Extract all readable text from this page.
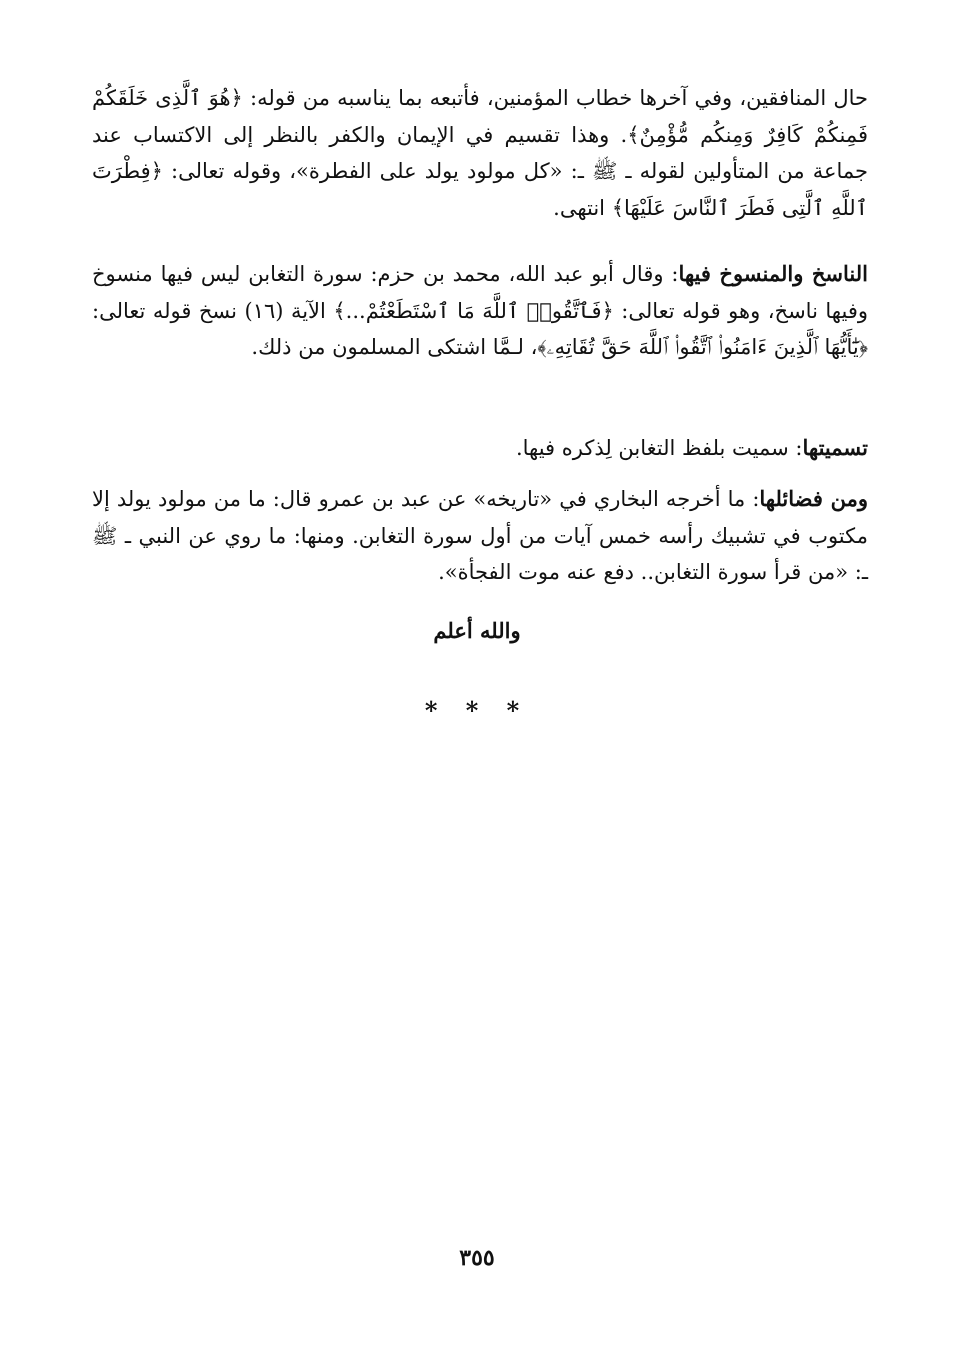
حال المنافقين، وفي آخرها خطاب المؤمنين، فأتبعه بما يناسبه من قوله: ﴿هُوَ ٱلَّذِى خَلَقَكُمْ فَمِنكُمْ كَافِرٌ وَمِنكُم مُّؤْمِنٌ﴾. وهذا تقسيم في الإيمان والكفر بالنظر إلى الاكتساب عند جماعة من المتأولين لقوله ـ ﷺ ـ: «كل مولود يولد على الفطرة»، وقوله تعالى: ﴿فِطْرَتَ ٱللَّهِ ٱلَّتِى فَطَرَ ٱلنَّاسَ عَلَيْهَا﴾ انتهى.

الناسخ والمنسوخ فيها: وقال أبو عبد الله، محمد بن حزم: سورة التغابن ليس فيها منسوخ وفيها ناسخ، وهو قوله تعالى: ﴿فَٱتَّقُوا۟ ٱللَّهَ مَا ٱسْتَطَعْتُمْ...﴾ الآية (١٦) نسخ قوله تعالى: ﴿يَٰٓأَيُّهَا ٱلَّذِينَ ءَامَنُوا۟ ٱتَّقُوا۟ ٱللَّهَ حَقَّ تُقَاتِهِۦ﴾، لـمَّا اشتكى المسلمون من ذلك.

تسميتها: سميت بلفظ التغابن لِذكره فيها.

ومن فضائلها: ما أخرجه البخاري في «تاريخه» عن عبد بن عمرو قال: ما من مولود يولد إلا مكتوب في تشبيك رأسه خمس آيات من أول سورة التغابن. ومنها: ما روي عن النبي ـ ﷺ ـ: «من قرأ سورة التغابن.. دفع عنه موت الفجأة».

والله أعلم
* * *
٣٥٥
